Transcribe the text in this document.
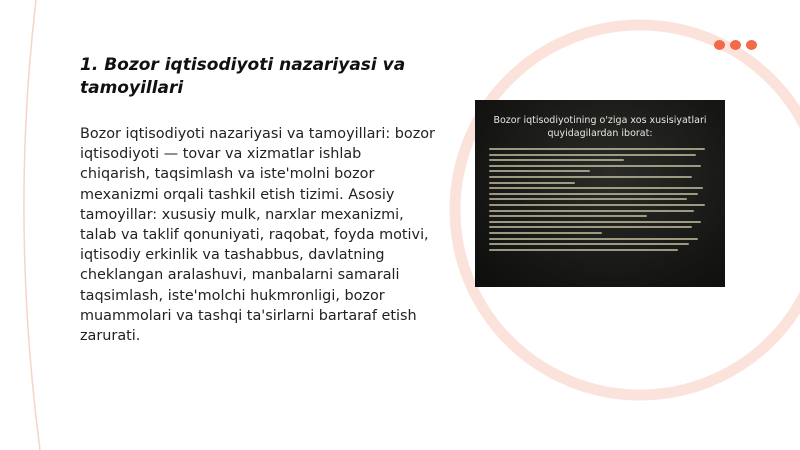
1. Bozor iqtisodiyoti nazariyasi va tamoyillari

Bozor iqtisodiyoti nazariyasi va tamoyillari: bozor iqtisodiyoti — tovar va xizmatlar ishlab chiqarish, taqsimlash va iste'molni bozor mexanizmi orqali tashkil etish tizimi. Asosiy tamoyillar: xususiy mulk, narxlar mexanizmi, talab va taklif qonuniyati, raqobat, foyda motivi, iqtisodiy erkinlik va tashabbus, davlatning cheklangan aralashuvi, manbalarni samarali taqsimlash, iste'molchi hukmronligi, bozor muammolari va tashqi ta'sirlarni bartaraf etish zarurati.

Bozor iqtisodiyotining o'ziga xos xusisiyatlari quyidagilardan iborat:
